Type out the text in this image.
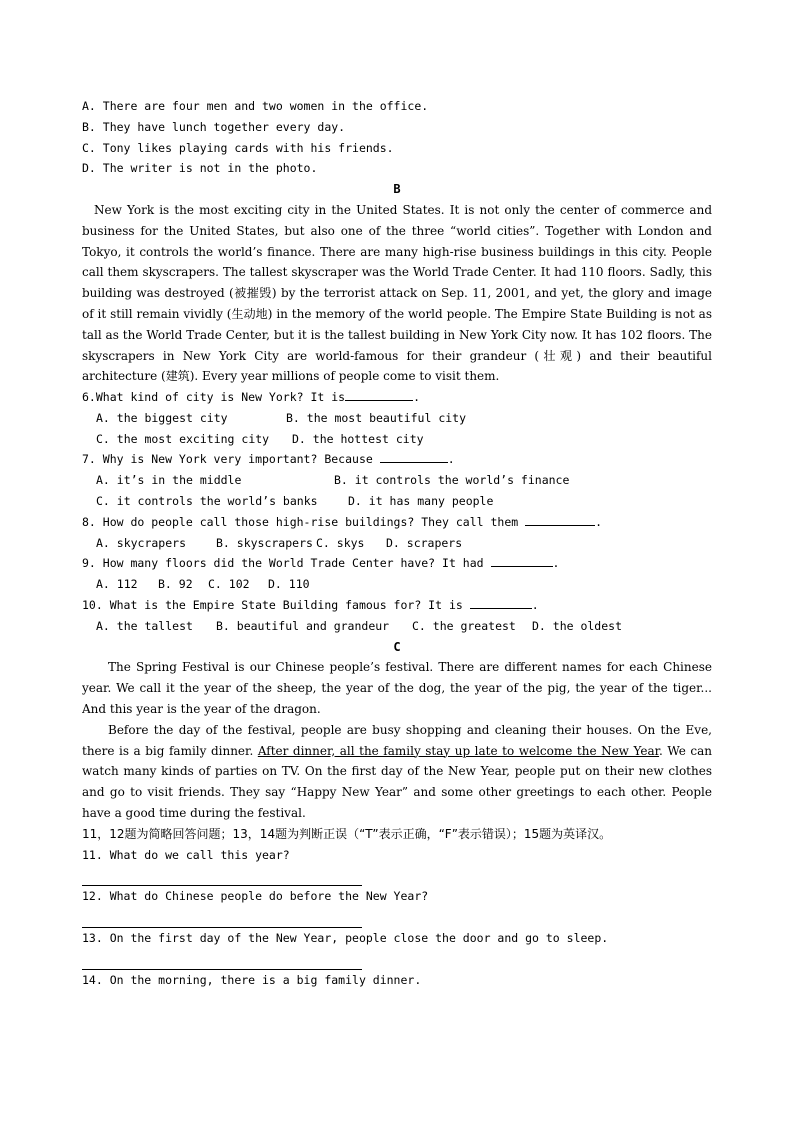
A. There are four men and two women in the office.
B. They have lunch together every day.
C. Tony likes playing cards with his friends.
D. The writer is not in the photo.
B
New York is the most exciting city in the United States. It is not only the center of commerce and business for the United States, but also one of the three “world cities”. Together with London and Tokyo, it controls the world’s finance. There are many high-rise business buildings in this city. People call them skyscrapers. The tallest skyscraper was the World Trade Center. It had 110 floors. Sadly, this building was destroyed (被摧毁) by the terrorist attack on Sep. 11, 2001, and yet, the glory and image of it still remain vividly (生动地) in the memory of the world people. The Empire State Building is not as tall as the World Trade Center, but it is the tallest building in New York City now. It has 102 floors. The skyscrapers in New York City are world-famous for their grandeur (壮观) and their beautiful architecture (建筑). Every year millions of people come to visit them.
6.What kind of city is New York? It is	.
A. the biggest city	B. the most beautiful city
C. the most exciting city D. the hottest city
7. Why is New York very important? Because	.
A. it’s in the middle	B. it controls the world’s finance
C. it controls the world’s banks	D. it has many people
8. How do people call those high-rise buildings? They call them	.
A. skycrapers	B. skyscrapers C. skys D. scrapers
9. How many floors did the World Trade Center have? It had	.
A. 112 B. 92 C. 102 D. 110
10. What is the Empire State Building famous for? It is	.
A. the tallest B. beautiful and grandeur C. the greatest D. the oldest
C
The Spring Festival is our Chinese people’s festival. There are different names for each Chinese year. We call it the year of the sheep, the year of the dog, the year of the pig, the year of the tiger... And this year is the year of the dragon.
Before the day of the festival, people are busy shopping and cleaning their houses. On the Eve, there is a big family dinner. After dinner, all the family stay up late to welcome the New Year. We can watch many kinds of parties on TV. On the first day of the New Year, people put on their new clothes and go to visit friends. They say “Happy New Year” and some other greetings to each other. People have a good time during the festival.
11，12题为简略回答问题；13，14题为判断正误（“T”表示正确，“F”表示错误）；15题为英译汉。
11. What do we call this year?
12. What do Chinese people do before the New Year?
13. On the first day of the New Year, people close the door and go to sleep.
14. On the morning, there is a big family dinner.
